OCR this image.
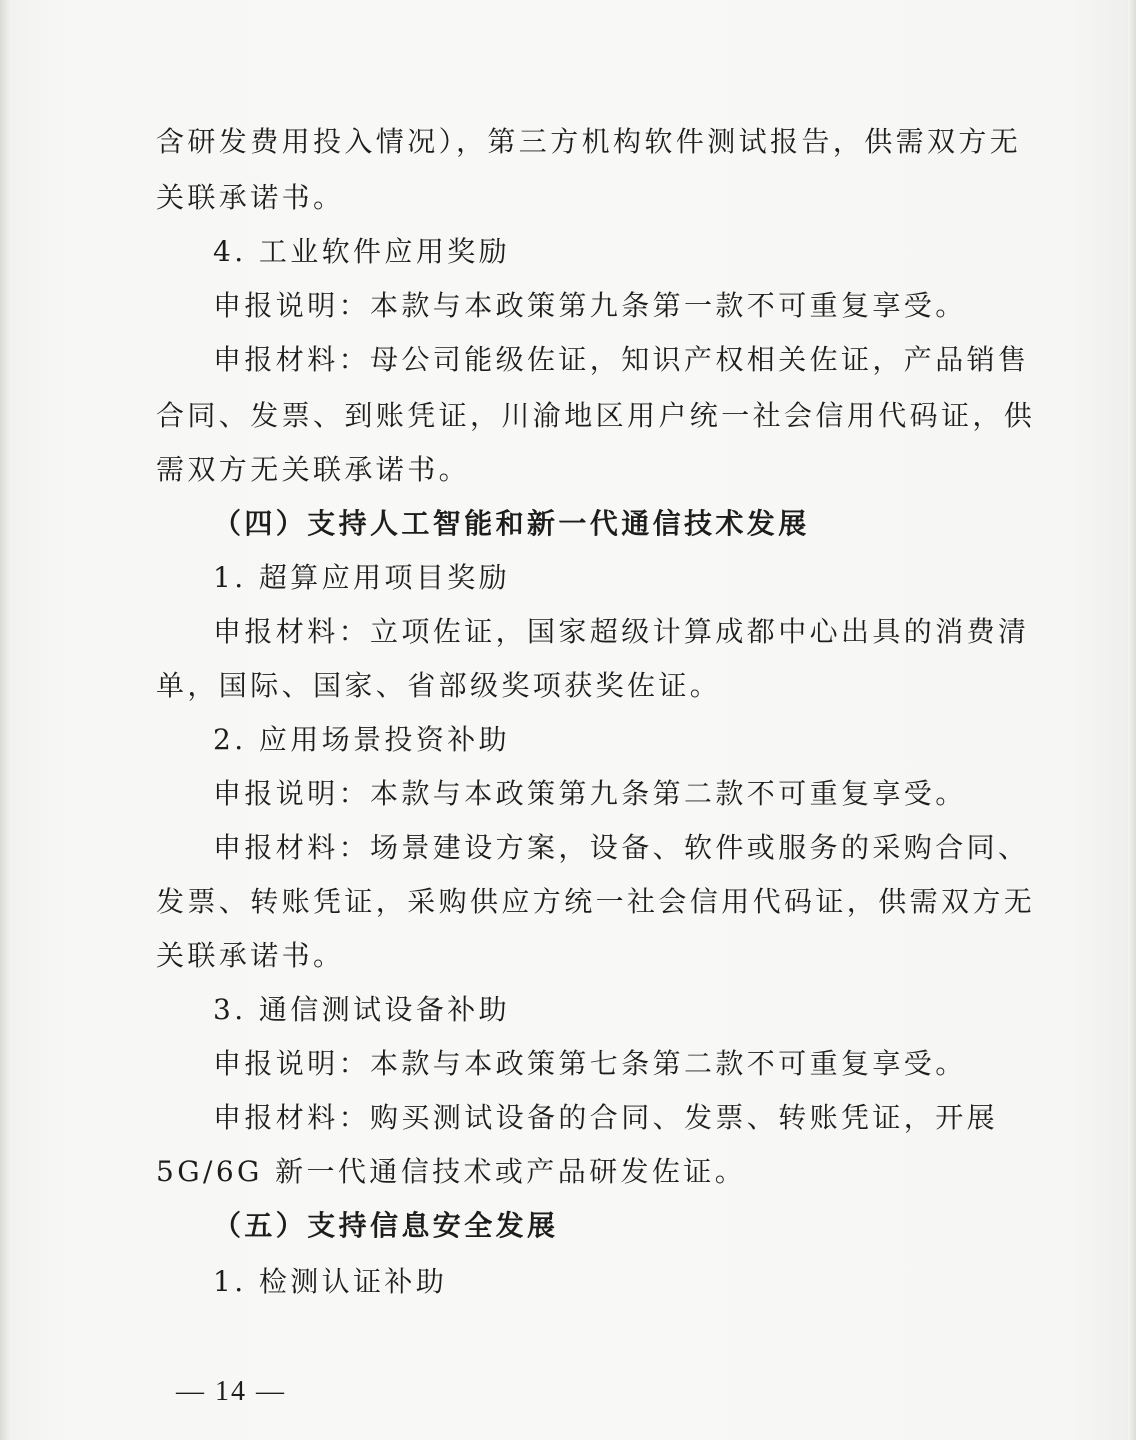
含研发费用投入情况），第三方机构软件测试报告，供需双方无

关联承诺书。

4. 工业软件应用奖励

申报说明：本款与本政策第九条第一款不可重复享受。

申报材料：母公司能级佐证，知识产权相关佐证，产品销售

合同、发票、到账凭证，川渝地区用户统一社会信用代码证，供

需双方无关联承诺书。

（四）支持人工智能和新一代通信技术发展

1. 超算应用项目奖励

申报材料：立项佐证，国家超级计算成都中心出具的消费清

单，国际、国家、省部级奖项获奖佐证。

2. 应用场景投资补助

申报说明：本款与本政策第九条第二款不可重复享受。

申报材料：场景建设方案，设备、软件或服务的采购合同、

发票、转账凭证，采购供应方统一社会信用代码证，供需双方无

关联承诺书。

3. 通信测试设备补助

申报说明：本款与本政策第七条第二款不可重复享受。

申报材料：购买测试设备的合同、发票、转账凭证，开展

5G/6G 新一代通信技术或产品研发佐证。

（五）支持信息安全发展

1. 检测认证补助

— 14 —
